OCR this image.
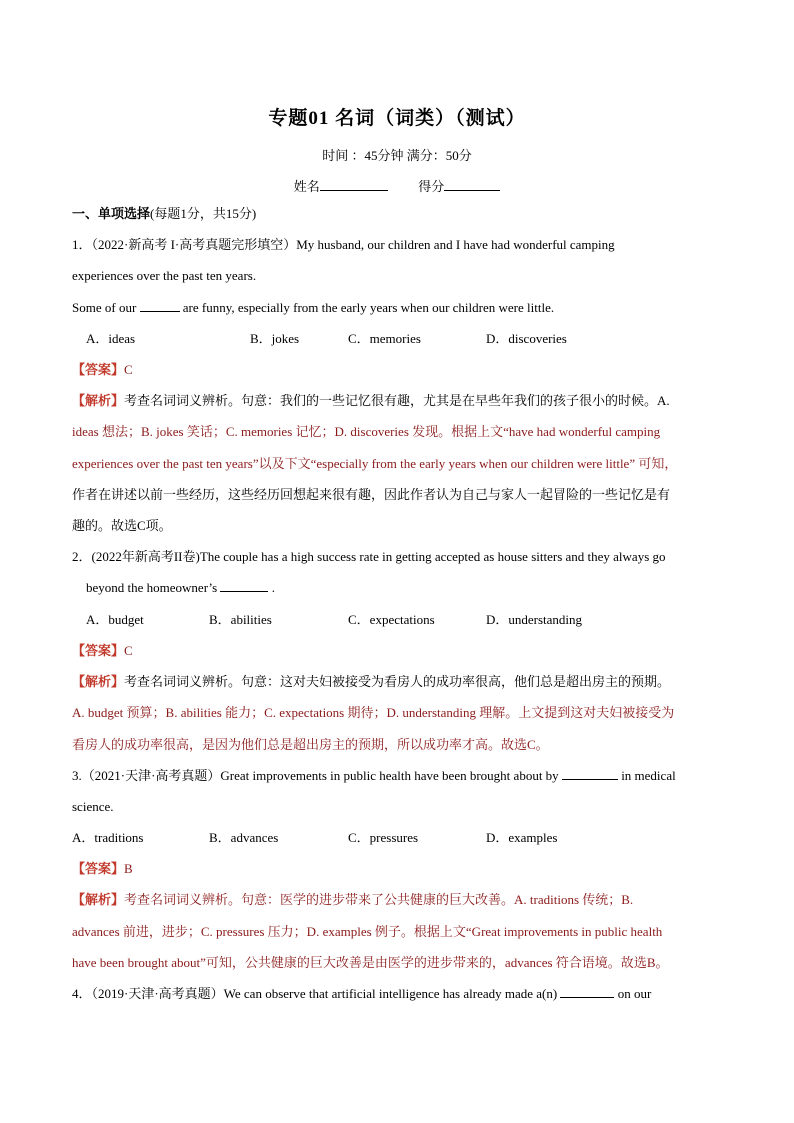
专题01 名词（词类）（测试）
时间 ：45分钟 满分：50分
姓名	得分
一、单项选择(每题1分，共15分)
1．（2022·新高考 I·高考真题完形填空）My husband, our children and I have had wonderful camping
experiences over the past ten years.
Some of our	are funny, especially from the early years when our children were little.
A．ideas	B．jokes	C．memories	D．discoveries
【答案】C
【解析】考查名词词义辨析。句意：我们的一些记忆很有趣，尤其是在早些年我们的孩子很小的时候。A.
ideas 想法；B. jokes 笑话；C. memories 记忆；D. discoveries 发现。根据上文“have had wonderful camping
experiences over the past ten years”以及下文“especially from the early years when our children were little” 可知，
作者在讲述以前一些经历，这些经历回想起来很有趣，因此作者认为自己与家人一起冒险的一些记忆是有
趣的。故选C项。
2．(2022年新高考II卷)The couple has a high success rate in getting accepted as house sitters and they always go
beyond the homeowner’s	.
A．budget	B．abilities	C．expectations	D．understanding
【答案】C
【解析】考查名词词义辨析。句意：这对夫妇被接受为看房人的成功率很高，他们总是超出房主的预期。
A. budget 预算；B. abilities 能力；C. expectations 期待；D. understanding 理解。上文提到这对夫妇被接受为
看房人的成功率很高，是因为他们总是超出房主的预期，所以成功率才高。故选C。
3.（2021·天津·高考真题）Great improvements in public health have been brought about by	in medical
science.
A．traditions	B．advances	C．pressures	D．examples
【答案】B
【解析】考查名词词义辨析。句意：医学的进步带来了公共健康的巨大改善。A. traditions 传统；B.
advances 前进，进步；C. pressures 压力；D. examples 例子。根据上文“Great improvements in public health
have been brought about”可知，公共健康的巨大改善是由医学的进步带来的，advances 符合语境。故选B。
4．（2019·天津·高考真题）We can observe that artificial intelligence has already made a(n)	on our
